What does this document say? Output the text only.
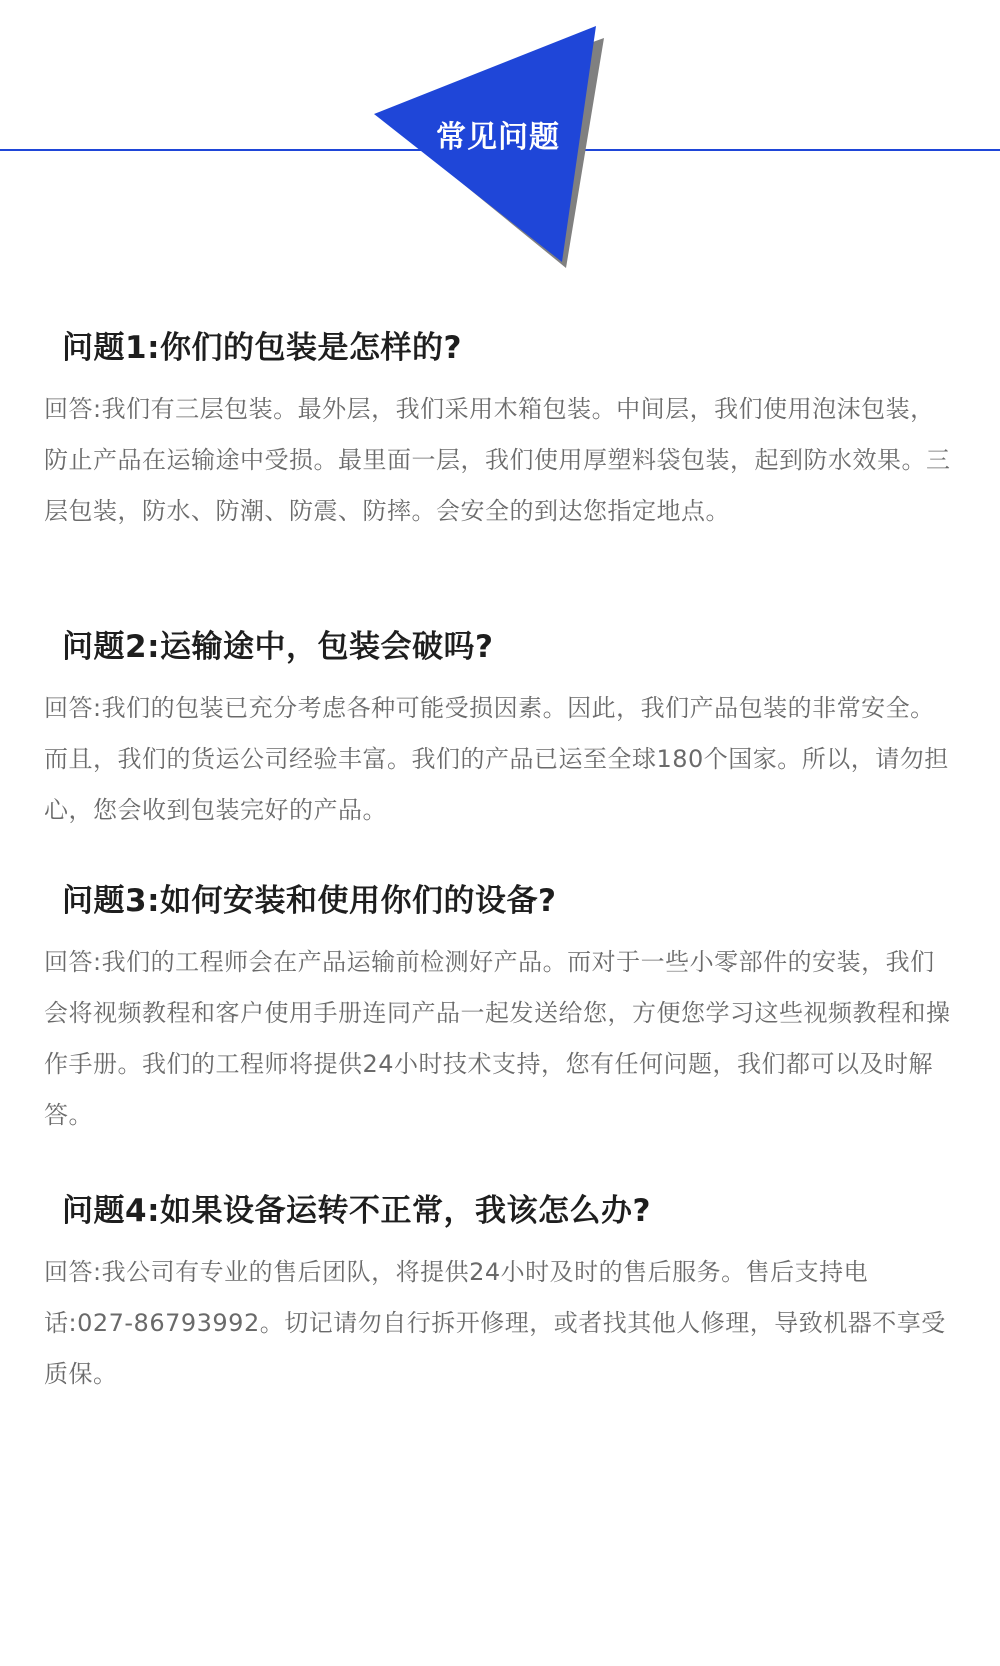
常见问题
问题1:你们的包装是怎样的?
回答:我们有三层包装。最外层，我们采用木箱包装。中间层，我们使用泡沫包装，防止产品在运输途中受损。最里面一层，我们使用厚塑料袋包装，起到防水效果。三层包装，防水、防潮、防震、防摔。会安全的到达您指定地点。
问题2:运输途中，包装会破吗?
回答:我们的包装已充分考虑各种可能受损因素。因此，我们产品包装的非常安全。而且，我们的货运公司经验丰富。我们的产品已运至全球180个国家。所以，请勿担心，您会收到包装完好的产品。
问题3:如何安装和使用你们的设备?
回答:我们的工程师会在产品运输前检测好产品。而对于一些小零部件的安装，我们会将视频教程和客户使用手册连同产品一起发送给您，方便您学习这些视频教程和操作手册。我们的工程师将提供24小时技术支持，您有任何问题，我们都可以及时解答。
问题4:如果设备运转不正常，我该怎么办?
回答:我公司有专业的售后团队，将提供24小时及时的售后服务。售后支持电话:027-86793992。切记请勿自行拆开修理，或者找其他人修理，导致机器不享受质保。
